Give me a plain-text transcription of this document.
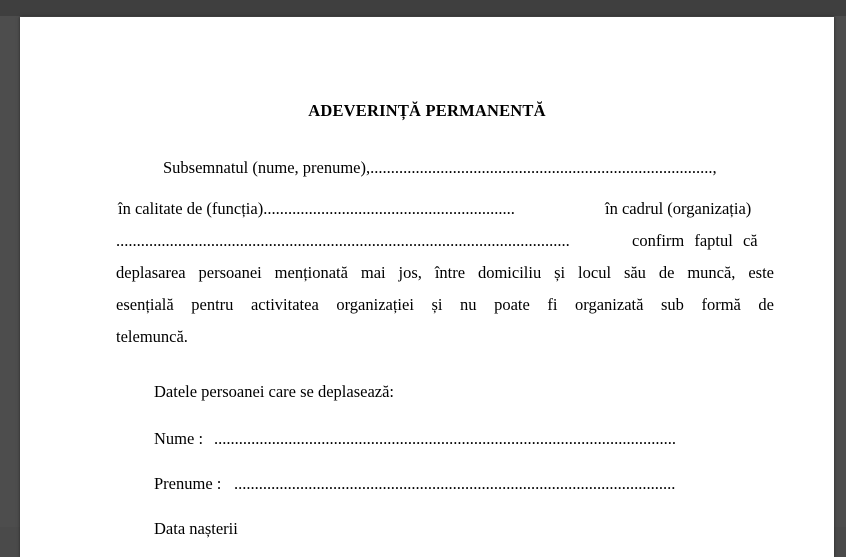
ADEVERINȚĂ PERMANENTĂ
Subsemnatul (nume, prenume),...................................................................................,
în calitate de (funcția).............................................................	în cadrul (organizația)
..............................................................................................................	confirm faptul că
deplasarea persoanei menționată mai jos, între domiciliu și locul său de muncă, este
esențială pentru activitatea organizației și nu poate fi organizată sub formă de
telemuncă.
Datele persoanei care se deplasează:
Nume : ................................................................................................................
Prenume : ...........................................................................................................
Data nașterii
